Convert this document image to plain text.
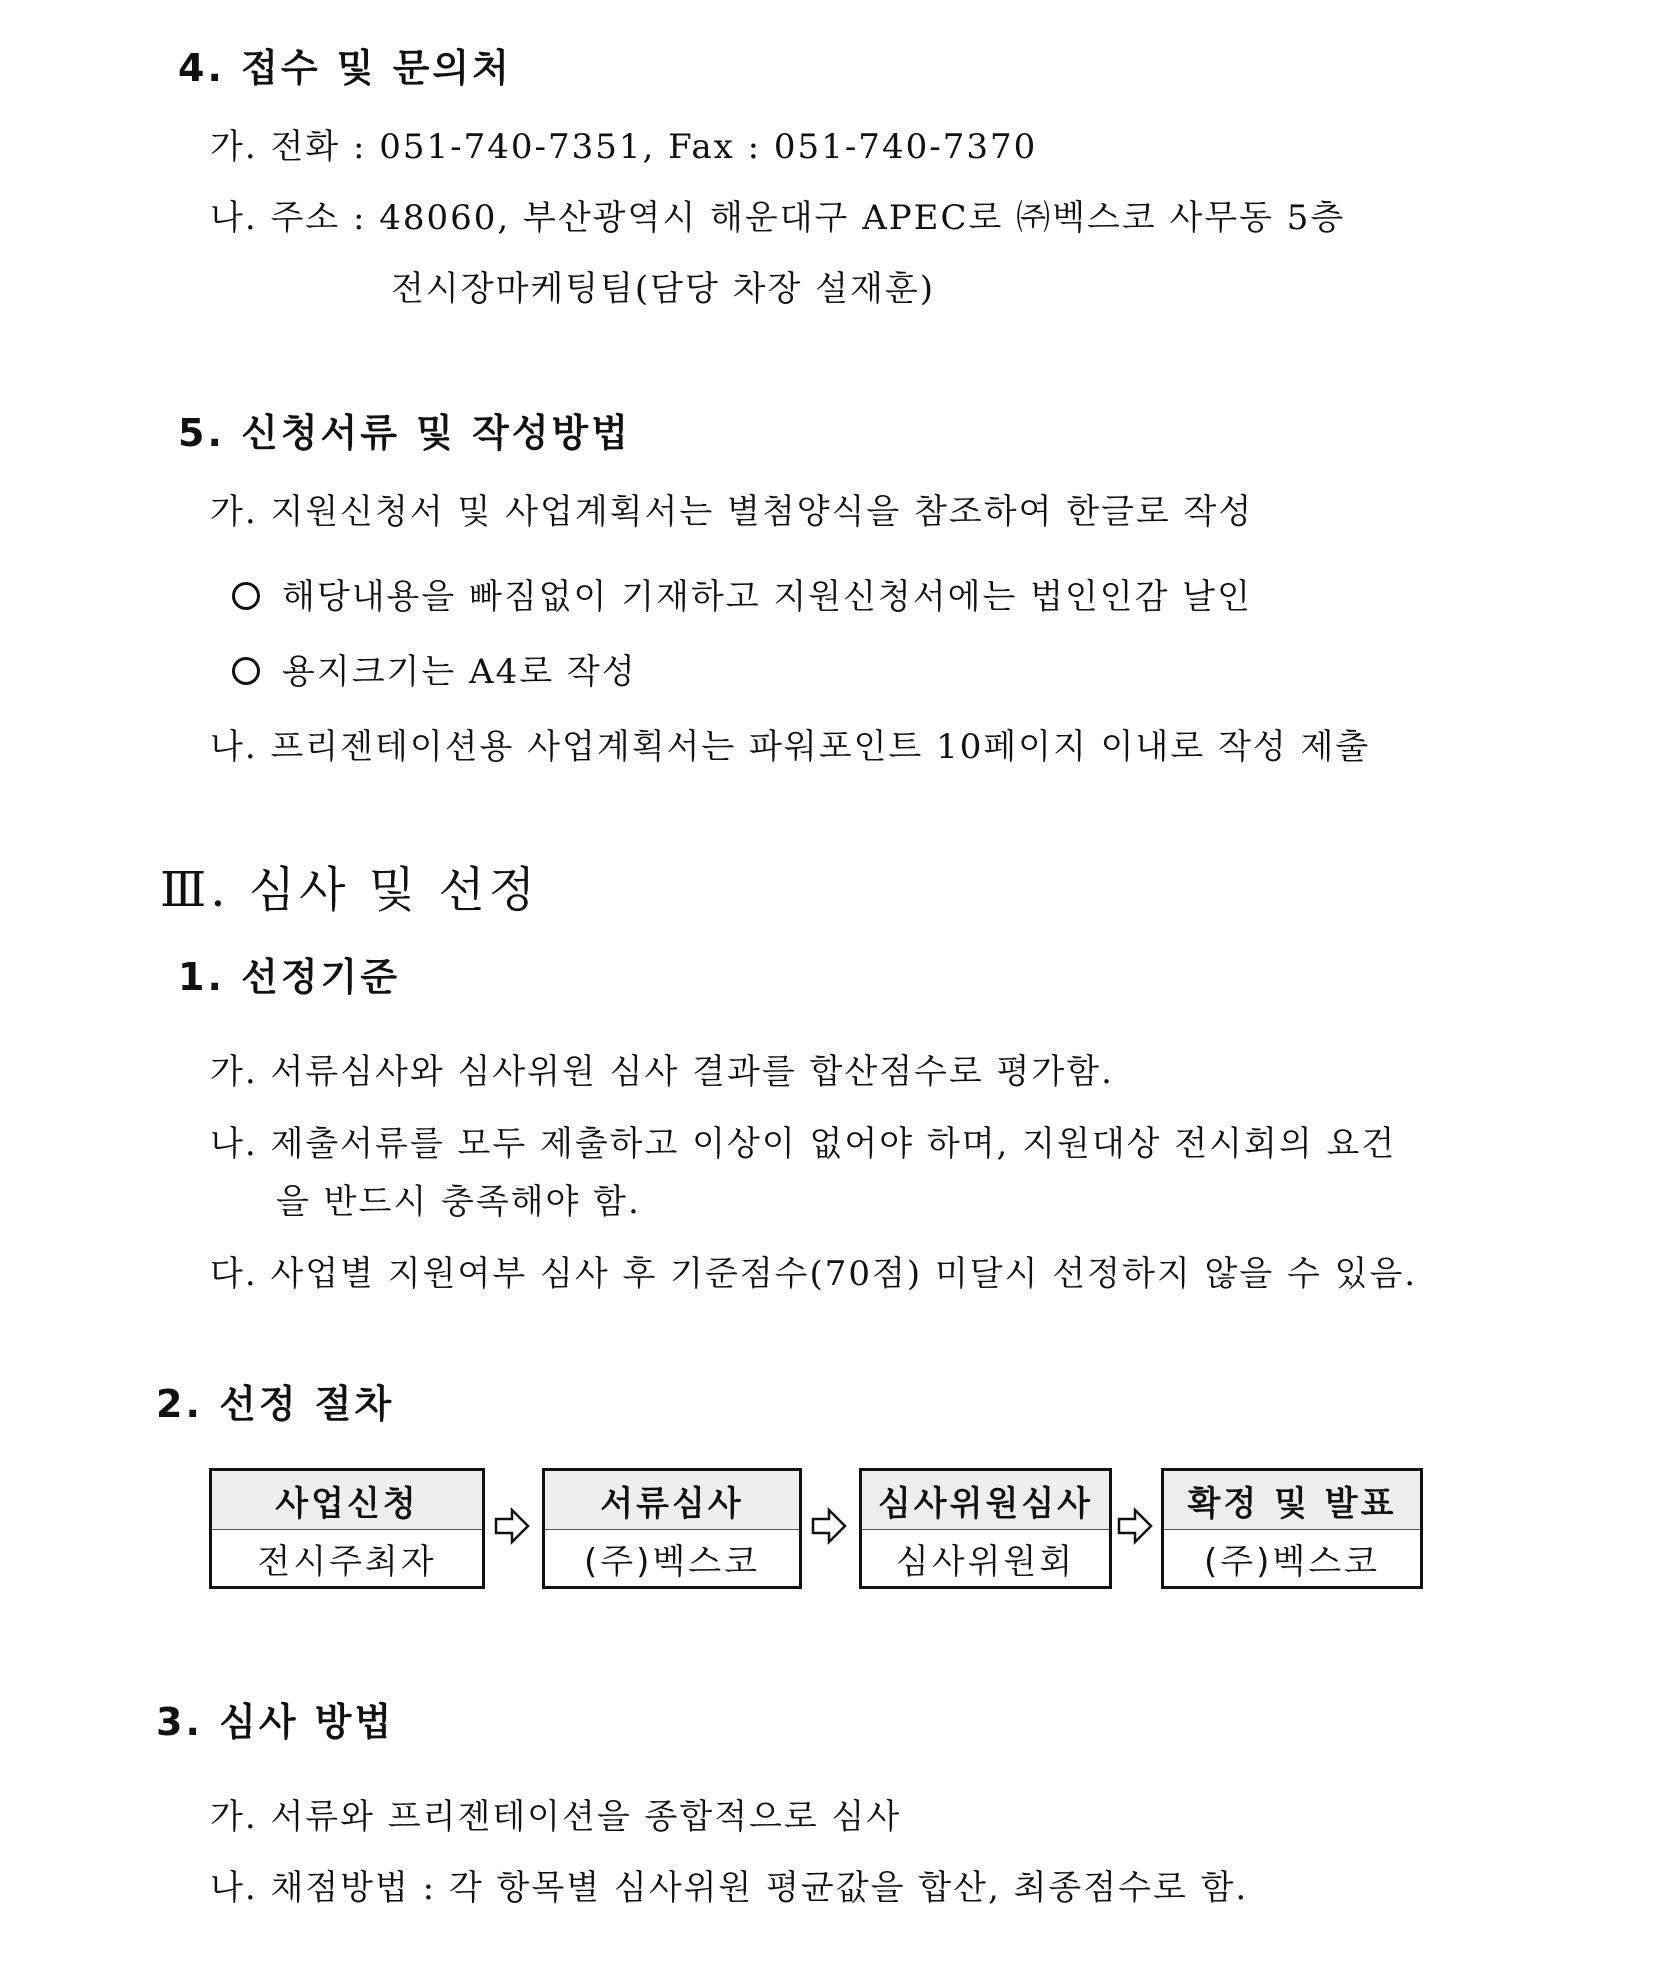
4. 접수 및 문의처
가. 전화 : 051-740-7351, Fax : 051-740-7370
나. 주소 : 48060, 부산광역시 해운대구 APEC로 ㈜벡스코 사무동 5층
전시장마케팅팀(담당 차장 설재훈)
5. 신청서류 및 작성방법
가. 지원신청서 및 사업계획서는 별첨양식을 참조하여 한글로 작성
해당내용을 빠짐없이 기재하고 지원신청서에는 법인인감 날인
용지크기는 A4로 작성
나. 프리젠테이션용 사업계획서는 파워포인트 10페이지 이내로 작성 제출
Ⅲ. 심사 및 선정
1. 선정기준
가. 서류심사와 심사위원 심사 결과를 합산점수로 평가함.
나. 제출서류를 모두 제출하고 이상이 없어야 하며, 지원대상 전시회의 요건
을 반드시 충족해야 함.
다. 사업별 지원여부 심사 후 기준점수(70점) 미달시 선정하지 않을 수 있음.
2. 선정 절차
사업신청
전시주최자
서류심사
(주)벡스코
심사위원심사
심사위원회
확정 및 발표
(주)벡스코
3. 심사 방법
가. 서류와 프리젠테이션을 종합적으로 심사
나. 채점방법 : 각 항목별 심사위원 평균값을 합산, 최종점수로 함.
